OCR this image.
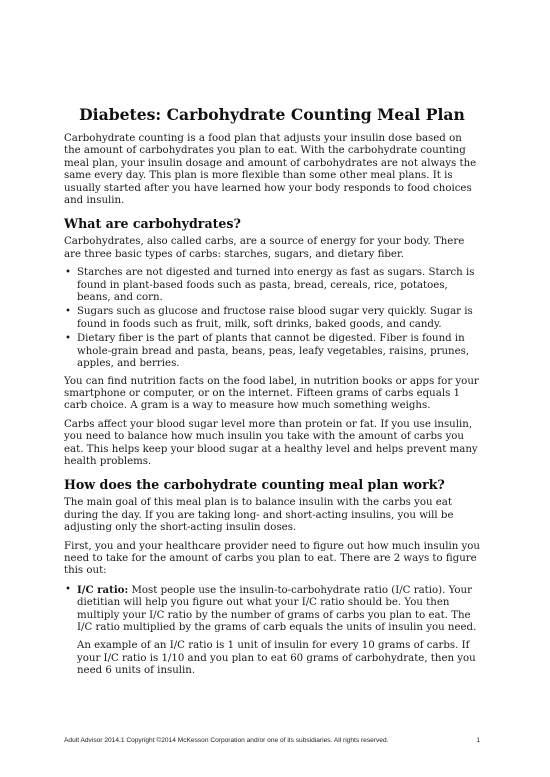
Diabetes: Carbohydrate Counting Meal Plan

Carbohydrate counting is a food plan that adjusts your insulin dose based on the amount of carbohydrates you plan to eat. With the carbohydrate counting meal plan, your insulin dosage and amount of carbohydrates are not always the same every day. This plan is more flexible than some other meal plans. It is usually started after you have learned how your body responds to food choices and insulin.

What are carbohydrates?

Carbohydrates, also called carbs, are a source of energy for your body. There are three basic types of carbs: starches, sugars, and dietary fiber.

• Starches are not digested and turned into energy as fast as sugars. Starch is found in plant-based foods such as pasta, bread, cereals, rice, potatoes, beans, and corn.
• Sugars such as glucose and fructose raise blood sugar very quickly. Sugar is found in foods such as fruit, milk, soft drinks, baked goods, and candy.
• Dietary fiber is the part of plants that cannot be digested. Fiber is found in whole-grain bread and pasta, beans, peas, leafy vegetables, raisins, prunes, apples, and berries.

You can find nutrition facts on the food label, in nutrition books or apps for your smartphone or computer, or on the internet. Fifteen grams of carbs equals 1 carb choice. A gram is a way to measure how much something weighs.

Carbs affect your blood sugar level more than protein or fat. If you use insulin, you need to balance how much insulin you take with the amount of carbs you eat. This helps keep your blood sugar at a healthy level and helps prevent many health problems.

How does the carbohydrate counting meal plan work?

The main goal of this meal plan is to balance insulin with the carbs you eat during the day. If you are taking long- and short-acting insulins, you will be adjusting only the short-acting insulin doses.

First, you and your healthcare provider need to figure out how much insulin you need to take for the amount of carbs you plan to eat. There are 2 ways to figure this out:

• I/C ratio: Most people use the insulin-to-carbohydrate ratio (I/C ratio). Your dietitian will help you figure out what your I/C ratio should be. You then multiply your I/C ratio by the number of grams of carbs you plan to eat. The I/C ratio multiplied by the grams of carb equals the units of insulin you need.

An example of an I/C ratio is 1 unit of insulin for every 10 grams of carbs. If your I/C ratio is 1/10 and you plan to eat 60 grams of carbohydrate, then you need 6 units of insulin.

Adult Advisor 2014.1 Copyright ©2014 McKesson Corporation and/or one of its subsidiaries. All rights reserved.	1
